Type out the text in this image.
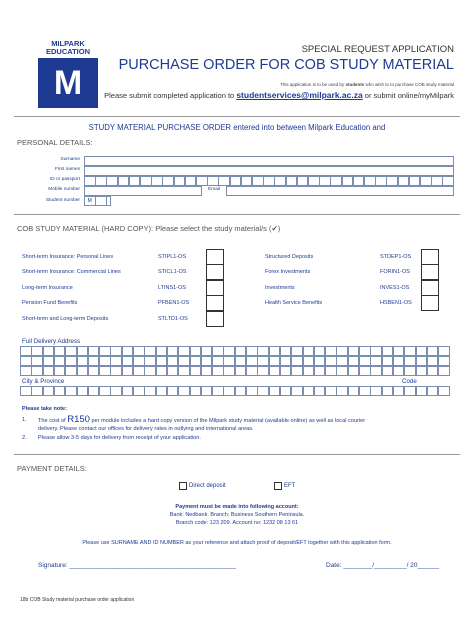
MILPARK EDUCATION
M
SPECIAL REQUEST APPLICATION
PURCHASE ORDER FOR COB STUDY MATERIAL
This application is to be used by students who wish to to purchase COB study material
Please submit completed application to studentservices@milpark.ac.za or submit online/myMilpark
STUDY MATERIAL PURCHASE ORDER entered into between Milpark Education and
PERSONAL DETAILS:
Surname
First names
ID or passport
Mobile number	Email
Student number	M
COB STUDY MATERIAL (HARD COPY): Please select the study material/s (✔)
Short-term Insurance: Personal Lines	STIPL1-OS
Short-term Insurance: Commercial Lines	STICL1-OS
Long-term Insurance	LTINS1-OS
Pension Fund Benefits	PFBEN1-OS
Short-term and Long-term Deposits	STLTD1-OS
Structured Deposits	STDEP1-OS
Forex Investments	FORIN1-OS
Investments	INVES1-OS
Health Service Benefits	HSBEN1-OS
Full Delivery Address
City & Province	Code
Please take note:
1. The cost of R150 per module includes a hard copy version of the Milpark study material (available online) as well as local courier
delivery. Please contact our offices for delivery rates in outlying and international areas.
2. Please allow 3-5 days for delivery from receipt of your application.
PAYMENT DETAILS:
Direct deposit	EFT
Payment must be made into following account:
Bank: Nedbank. Branch: Business Southern Peninsula.
Branch code: 123 209. Account no: 1232 08 13 61
Please use SURNAME AND ID NUMBER as your reference and attach proof of deposit/EFT together with this application form.
Signature: ______________________________________________	Date: ________/_________/ 20______
18b COB Study material purchase order application
